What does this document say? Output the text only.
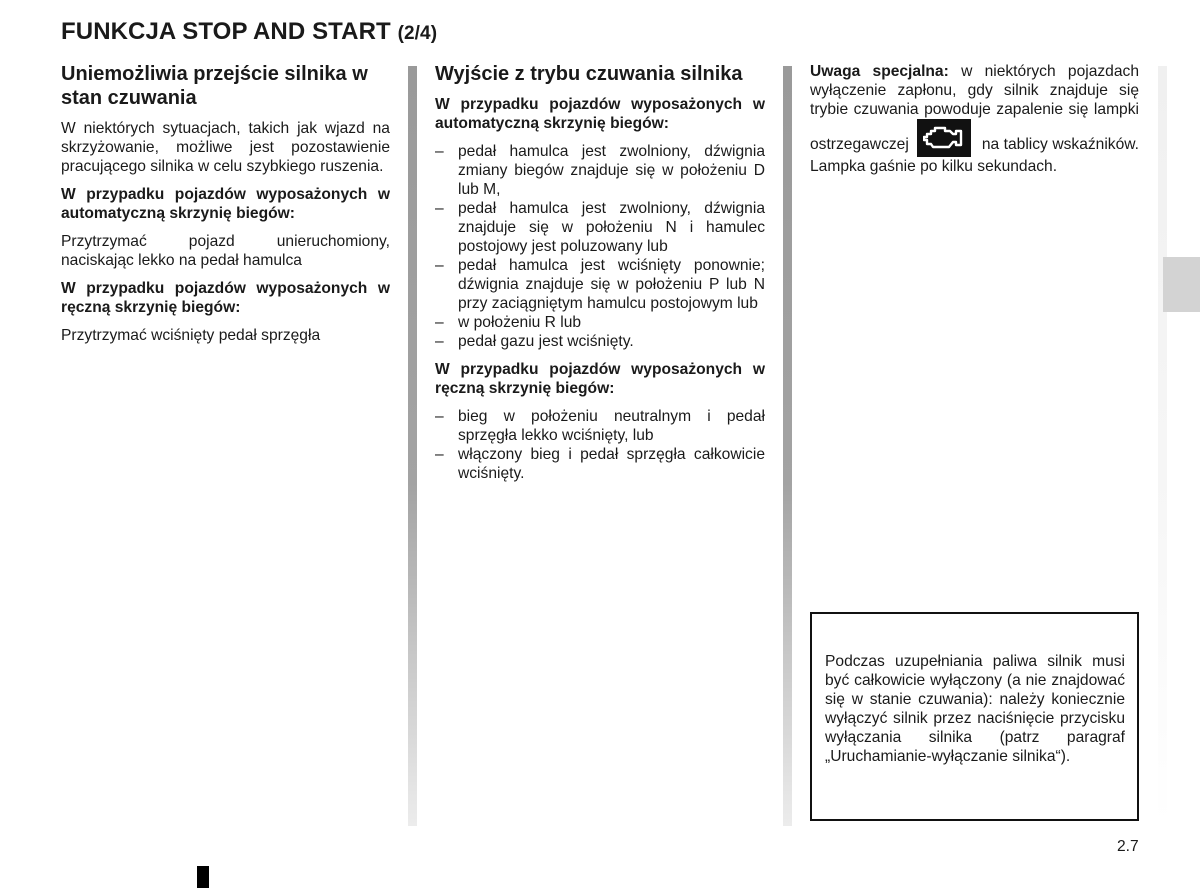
FUNKCJA STOP AND START (2/4)
Uniemożliwia przejście silnika w stan czuwania

W niektórych sytuacjach, takich jak wjazd na skrzyżowanie, możliwe jest pozostawienie pracującego silnika w celu szybkiego ruszenia.

W przypadku pojazdów wyposażonych w automatyczną skrzynię biegów:

Przytrzymać pojazd unieruchomiony, naciskając lekko na pedał hamulca

W przypadku pojazdów wyposażonych w ręczną skrzynię biegów:

Przytrzymać wciśnięty pedał sprzęgła

Wyjście z trybu czuwania silnika

W przypadku pojazdów wyposażonych w automatyczną skrzynię biegów:

– pedał hamulca jest zwolniony, dźwignia zmiany biegów znajduje się w położeniu D lub M,
– pedał hamulca jest zwolniony, dźwignia znajduje się w położeniu N i hamulec postojowy jest poluzowany lub
– pedał hamulca jest wciśnięty ponownie; dźwignia znajduje się w położeniu P lub N przy zaciągniętym hamulcu postojowym lub
– w położeniu R lub
– pedał gazu jest wciśnięty.

W przypadku pojazdów wyposażonych w ręczną skrzynię biegów:

– bieg w położeniu neutralnym i pedał sprzęgła lekko wciśnięty, lub
– włączony bieg i pedał sprzęgła całkowicie wciśnięty.

Uwaga specjalna: w niektórych pojazdach wyłączenie zapłonu, gdy silnik znajduje się trybie czuwania powoduje zapalenie się lampki ostrzegawczej	na tablicy wskaźników. Lampka gaśnie po kilku sekundach.

Podczas uzupełniania paliwa silnik musi być całkowicie wyłączony (a nie znajdować się w stanie czuwania): należy koniecznie wyłączyć silnik przez naciśnięcie przycisku wyłączania silnika (patrz paragraf „Uruchamianie-wyłączanie silnika“).

2.7
